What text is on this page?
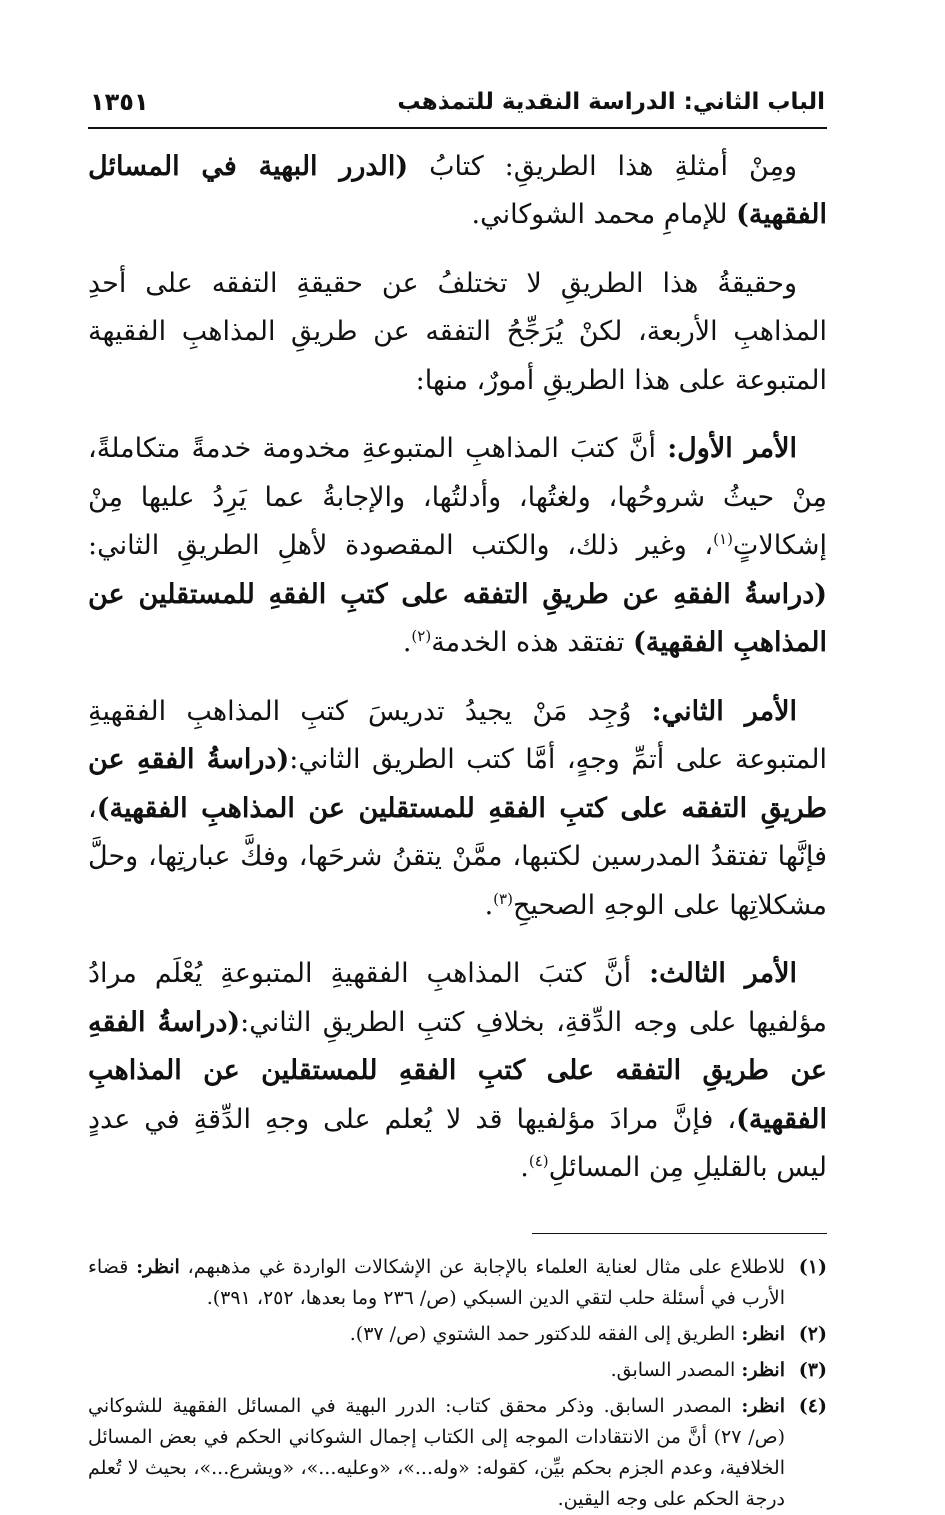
الباب الثاني: الدراسة النقدية للتمذهب
١٣٥١

ومِنْ أمثلةِ هذا الطريقِ: كتابُ (الدرر البهية في المسائل الفقهية) للإمامِ محمد الشوكاني.

وحقيقةُ هذا الطريقِ لا تختلفُ عن حقيقةِ التفقه على أحدِ المذاهبِ الأربعة، لكنْ يُرَجِّحُ التفقه عن طريقِ المذاهبِ الفقيهة المتبوعة على هذا الطريقِ أمورٌ، منها:

الأمر الأول: أنَّ كتبَ المذاهبِ المتبوعةِ مخدومة خدمةً متكاملةً، مِنْ حيثُ شروحُها، ولغتُها، وأدلتُها، والإجابةُ عما يَرِدُ عليها مِنْ إشكالاتٍ$^{(١)}$، وغير ذلك، والكتب المقصودة لأهلِ الطريقِ الثاني:(دراسةُ الفقهِ عن طريقِ التفقه على كتبِ الفقهِ للمستقلين عن المذاهبِ الفقهية) تفتقد هذه الخدمة$^{(٢)}$.

الأمر الثاني: وُجِد مَنْ يجيدُ تدريسَ كتبِ المذاهبِ الفقهيةِ المتبوعة على أتمِّ وجهٍ، أمَّا كتب الطريق الثاني:(دراسةُ الفقهِ عن طريقِ التفقه على كتبِ الفقهِ للمستقلين عن المذاهبِ الفقهية)، فإنَّها تفتقدُ المدرسين لكتبها، ممَّنْ يتقنُ شرحَها، وفكَّ عبارتِها، وحلَّ مشكلاتِها على الوجهِ الصحيحِ$^{(٣)}$.

الأمر الثالث: أنَّ كتبَ المذاهبِ الفقهيةِ المتبوعةِ يُعْلَم مرادُ مؤلفيها على وجه الدِّقةِ، بخلافِ كتبِ الطريقِ الثاني:(دراسةُ الفقهِ عن طريقِ التفقه على كتبِ الفقهِ للمستقلين عن المذاهبِ الفقهية)، فإنَّ مرادَ مؤلفيها قد لا يُعلم على وجهِ الدِّقةِ في عددٍ ليس بالقليلِ مِن المسائلِ$^{(٤)}$.

(١)
للاطلاع على مثال لعناية العلماء بالإجابة عن الإشكالات الواردة غي مذهبهم، انظر: قضاء الأرب في أسئلة حلب لتقي الدين السبكي (ص/ ٢٣٦ وما بعدها، ٢٥٢، ٣٩١).
(٢)
انظر: الطريق إلى الفقه للدكتور حمد الشتوي (ص/ ٣٧).
(٣)
انظر: المصدر السابق.
(٤)
انظر: المصدر السابق. وذكر محقق كتاب: الدرر البهية في المسائل الفقهية للشوكاني (ص/ ٢٧) أنَّ من الانتقادات الموجه إلى الكتاب إجمال الشوكاني الحكم في بعض المسائل الخلافية، وعدم الجزم بحكم بيِّن، كقوله: «وله...»، «وعليه...»، «ويشرع...»، بحيث لا تُعلم درجة الحكم على وجه اليقين.
